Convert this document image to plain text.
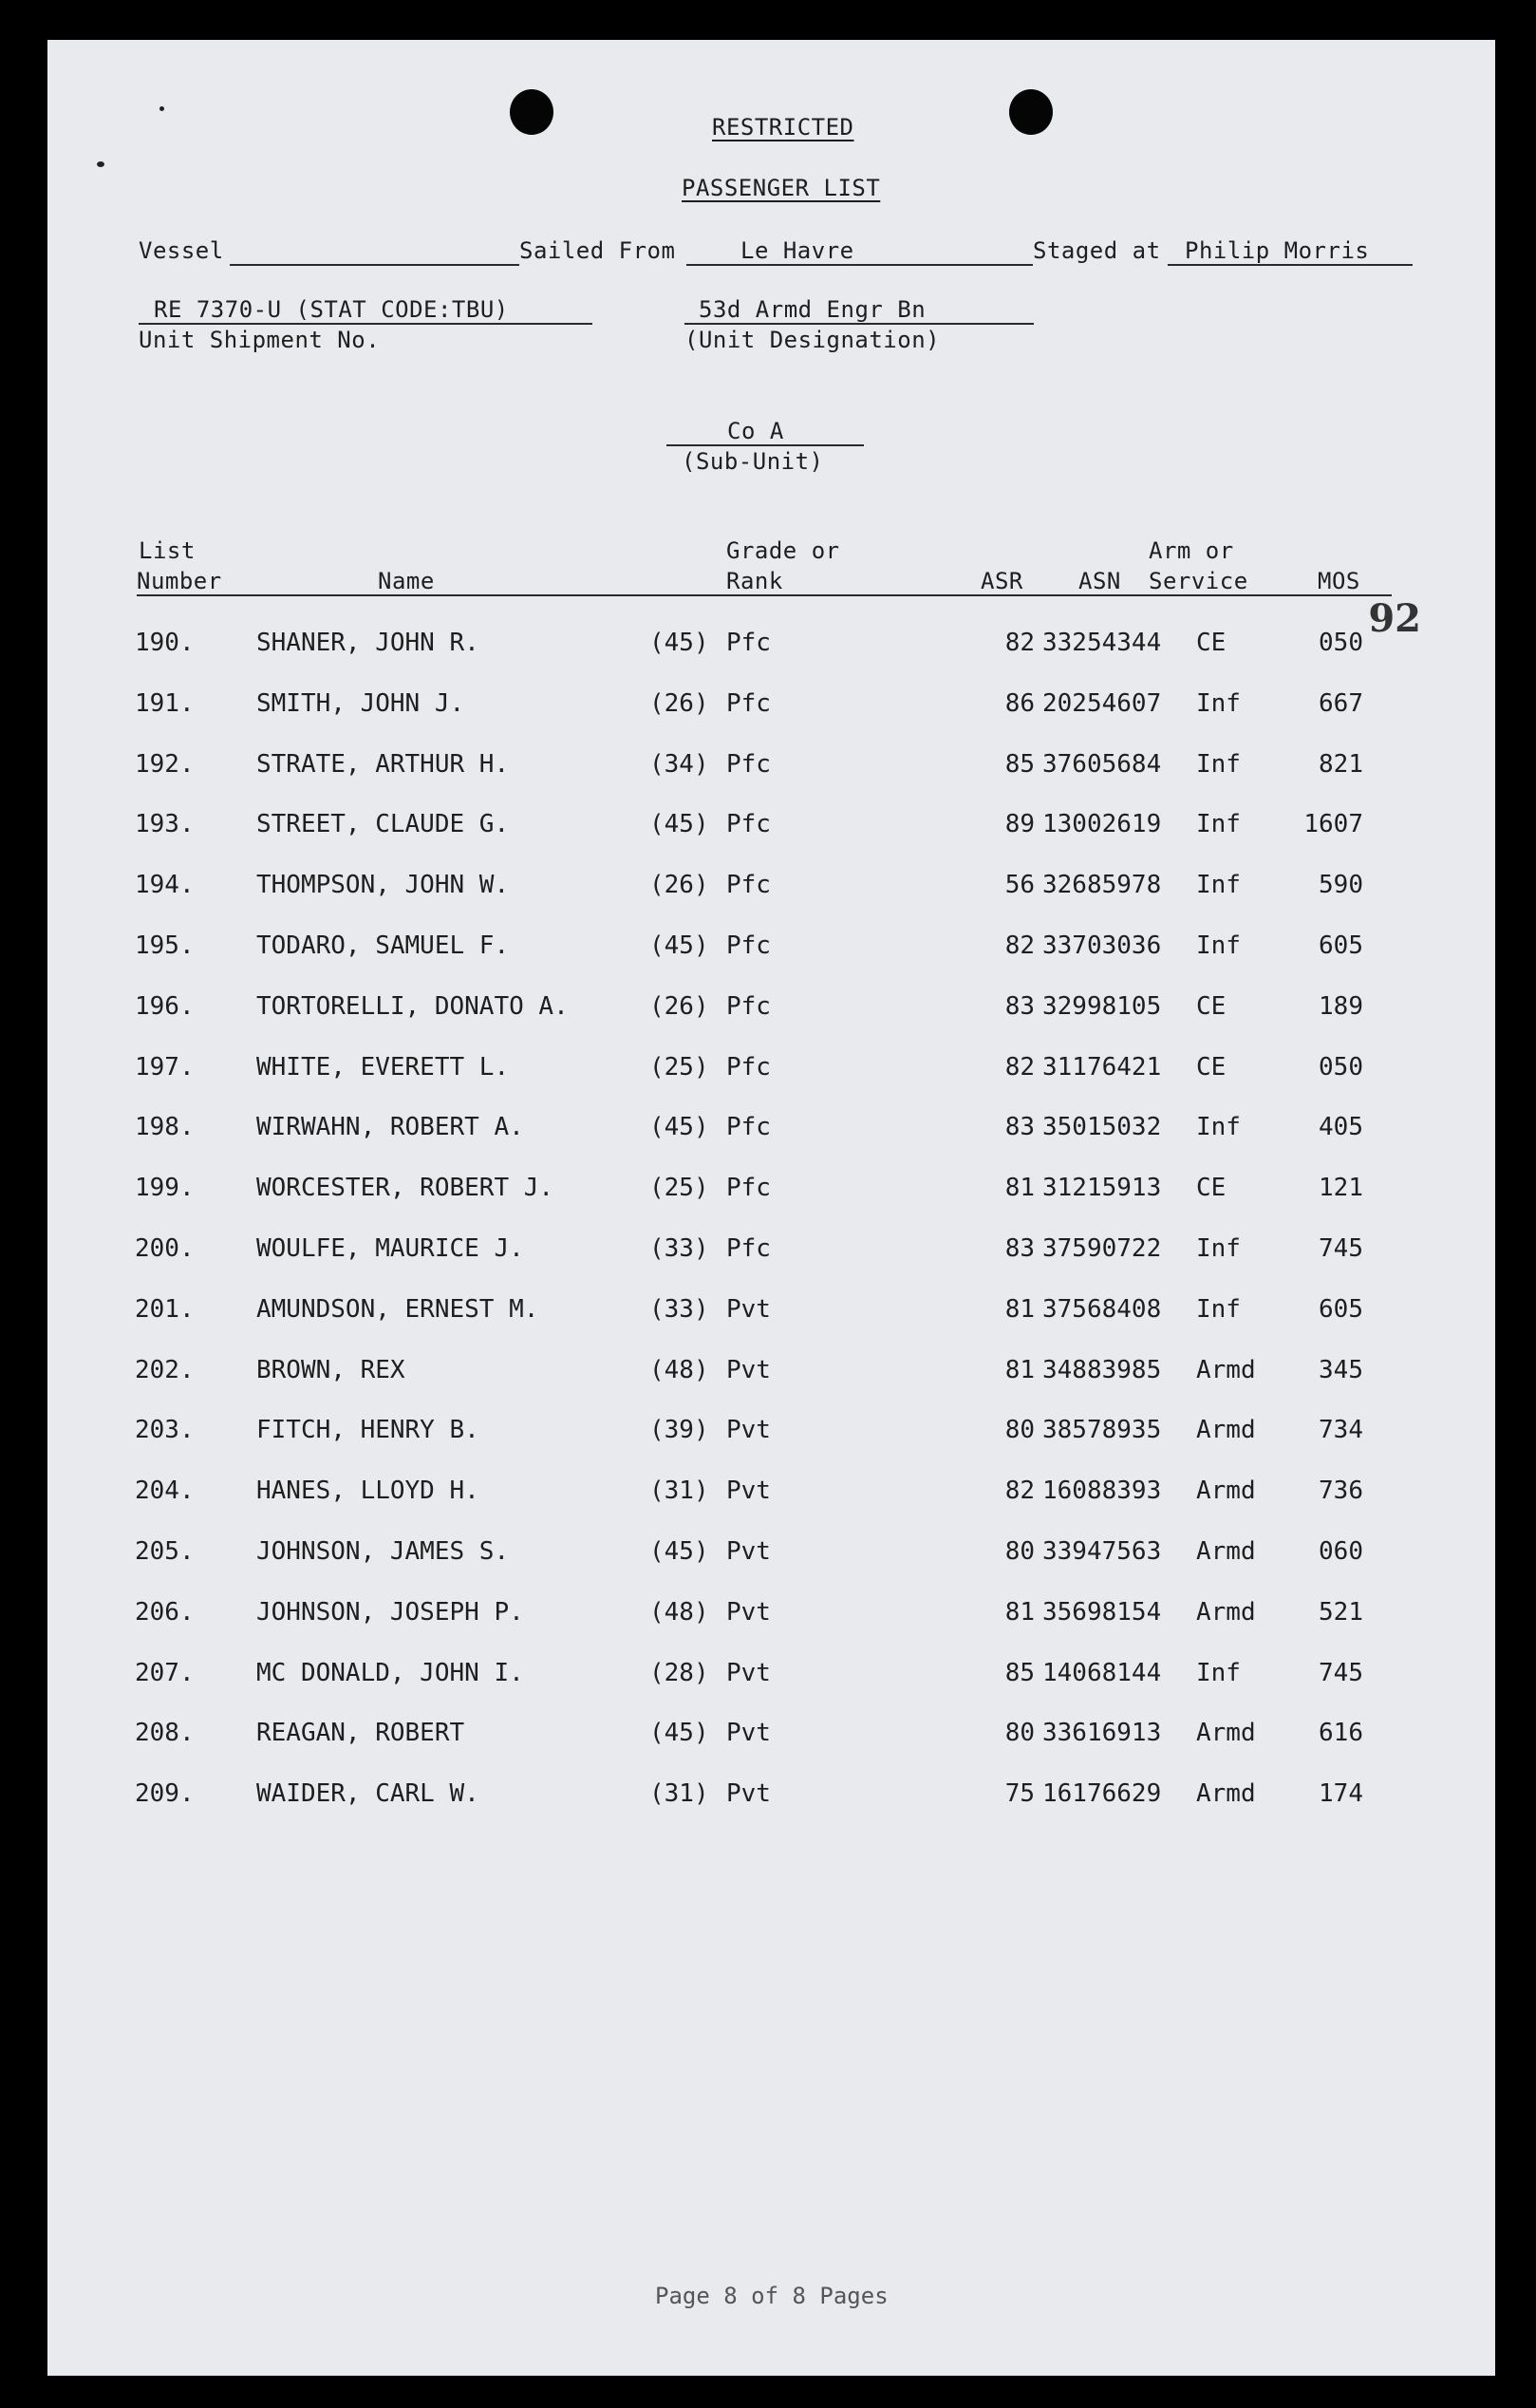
RESTRICTED
PASSENGER LIST
Vessel	Sailed From	Le Havre	Staged at Philip Morris
RE 7370-U (STAT CODE:TBU)
Unit Shipment No.
53d Armd Engr Bn
(Unit Designation)
Co A
(Sub-Unit)
List
Number	Name
Grade or
Rank	ASR ASN
Arm or
Service	MOS
92
190.	SHANER, JOHN R.	(45) Pfc	82 33254344 CE	050
191.	SMITH, JOHN J.	(26) Pfc	86 20254607 Inf	667
192.	STRATE, ARTHUR H.	(34) Pfc	85 37605684 Inf	821
193.	STREET, CLAUDE G.	(45) Pfc	89 13002619 Inf	1607
194.	THOMPSON, JOHN W.	(26) Pfc	56 32685978 Inf	590
195.	TODARO, SAMUEL F.	(45) Pfc	82 33703036 Inf	605
196.	TORTORELLI, DONATO A.	(26) Pfc	83 32998105 CE	189
197.	WHITE, EVERETT L.	(25) Pfc	82 31176421 CE	050
198.	WIRWAHN, ROBERT A.	(45) Pfc	83 35015032 Inf	405
199.	WORCESTER, ROBERT J.	(25) Pfc	81 31215913 CE	121
200.	WOULFE, MAURICE J.	(33) Pfc	83 37590722 Inf	745
201.	AMUNDSON, ERNEST M.	(33) Pvt	81 37568408 Inf	605
202.	BROWN, REX	(48) Pvt	81 34883985 Armd	345
203.	FITCH, HENRY B.	(39) Pvt	80 38578935 Armd	734
204.	HANES, LLOYD H.	(31) Pvt	82 16088393 Armd	736
205.	JOHNSON, JAMES S.	(45) Pvt	80 33947563 Armd	060
206.	JOHNSON, JOSEPH P.	(48) Pvt	81 35698154 Armd	521
207.	MC DONALD, JOHN I.	(28) Pvt	85 14068144 Inf	745
208.	REAGAN, ROBERT	(45) Pvt	80 33616913 Armd	616
209.	WAIDER, CARL W.	(31) Pvt	75 16176629 Armd	174
Page 8 of 8 Pages
